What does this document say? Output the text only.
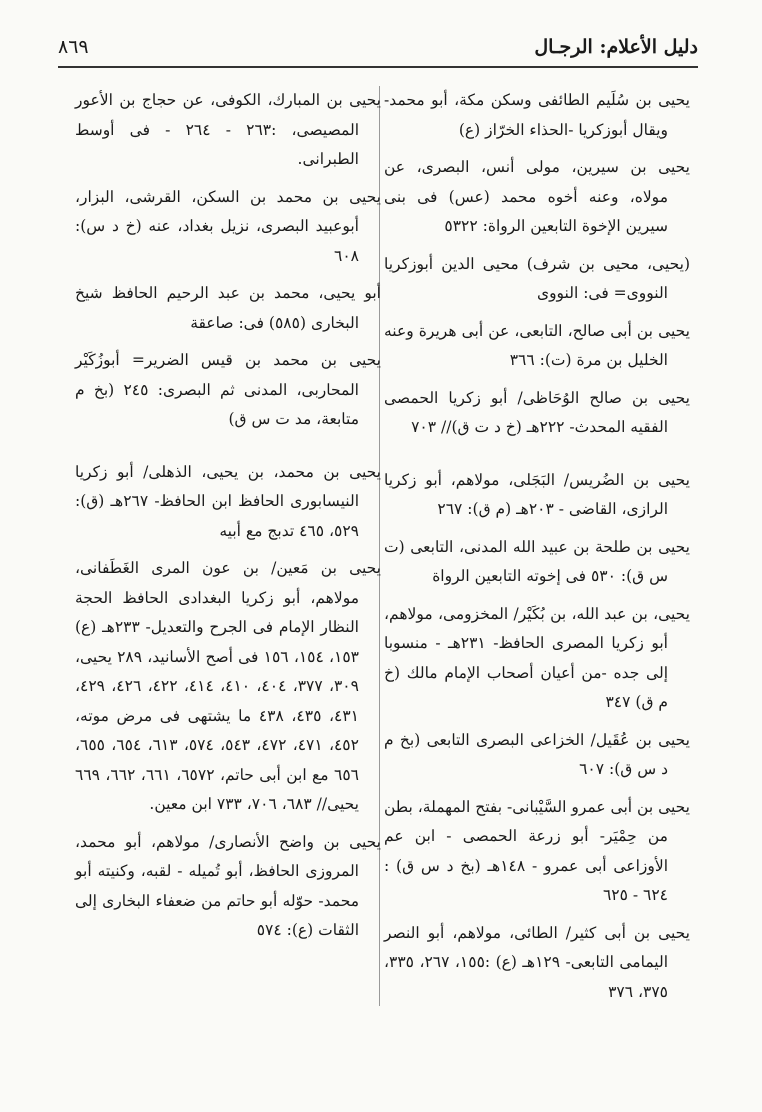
دليل الأعلام: الرجـال
٨٦٩
يحيى بن سُلَيم الطائفى وسكن مكة، أبو محمد- ويقال أبوزكريا -الحذاء الخرّاز (ع)
يحيى بن سيرين، مولى أنس، البصرى، عن مولاه، وعنه أخوه محمد (عس) فى بنى سيرين الإخوة التابعين الرواة: ٥٣٢٢
(يحيى، محيى بن شرف) محيى الدين أبوزكريا النووى= فى: النووى
يحيى بن أبى صالح، التابعى، عن أبى هريرة وعنه الخليل بن مرة (ت): ٣٦٦
يحيى بن صالح الوُحَاظى/ أبو زكريا الحمصى الفقيه المحدث- ٢٢٢هـ (خ د ت ق)// ٧٠٣
يحيى بن الضُريس/ البَجَلى، مولاهم، أبو زكريا الرازى، القاضى - ٢٠٣هـ (م ق): ٢٦٧
يحيى بن طلحة بن عبيد الله المدنى، التابعى (ت س ق): ٥٣٠ فى إخوته التابعين الرواة
يحيى، بن عبد الله، بن بُكَيْر/ المخزومى، مولاهم، أبو زكريا المصرى الحافظ- ٢٣١هـ - منسوبا إلى جده -من أعيان أصحاب الإمام مالك (خ م ق) ٣٤٧
يحيى بن عُقَيل/ الخزاعى البصرى التابعى (بخ م د س ق): ٦٠٧
يحيى بن أبى عمرو السَّيْبانى- بفتح المهملة، بطن من حِمْيَر- أبو زرعة الحمصى - ابن عم الأوزاعى أبى عمرو - ١٤٨هـ (بخ د س ق) : ٦٢٤ - ٦٢٥
يحيى بن أبى كثير/ الطائى، مولاهم، أبو النصر اليمامى التابعى- ١٢٩هـ (ع) :١٥٥، ٢٦٧، ٣٣٥، ٣٧٥، ٣٧٦
يحيى بن المبارك، الكوفى، عن حجاج بن الأعور المصيصى، :٢٦٣ - ٢٦٤ - فى أوسط الطبرانى.
يحيى بن محمد بن السكن، القرشى، البزار، أبوعبيد البصرى، نزيل بغداد، عنه (خ د س): ٦٠٨
أبو يحيى، محمد بن عبد الرحيم الحافظ شيخ البخارى (٥٨٥) فى: صاعقة
يحيى بن محمد بن قيس الضرير= أبوزُكَيْر المحاربى، المدنى ثم البصرى: ٢٤٥ (بخ م متابعة، مد ت س ق)
يحيى بن محمد، بن يحيى، الذهلى/ أبو زكريا النيسابورى الحافظ ابن الحافظ- ٢٦٧هـ (ق): ٥٢٩، ٤٦٥ تدبج مع أبيه
يحيى بن مَعين/ بن عون المرى الغَطَفانى، مولاهم، أبو زكريا البغدادى الحافظ الحجة النظار الإمام فى الجرح والتعديل- ٢٣٣هـ (ع) ١٥٣، ١٥٤، ١٥٦ فى أصح الأسانيد، ٢٨٩ يحيى، ٣٠٩، ٣٧٧، ٤٠٤، ٤١٠، ٤١٤، ٤٢٢، ٤٢٦، ٤٢٩، ٤٣١، ٤٣٥، ٤٣٨ ما يشتهى فى مرض موته، ٤٥٢، ٤٧١، ٤٧٢، ٥٤٣، ٥٧٤، ٦١٣، ٦٥٤، ٦٥٥، ٦٥٦ مع ابن أبى حاتم، ٦٥٧٢، ٦٦١، ٦٦٢، ٦٦٩ يحيى// ٦٨٣، ٧٠٦، ٧٣٣ ابن معين.
يحيى بن واضح الأنصارى/ مولاهم، أبو محمد، المروزى الحافظ، أبو تُميله - لقبه، وكنيته أبو محمد- حوّله أبو حاتم من ضعفاء البخارى إلى الثقات (ع): ٥٧٤
